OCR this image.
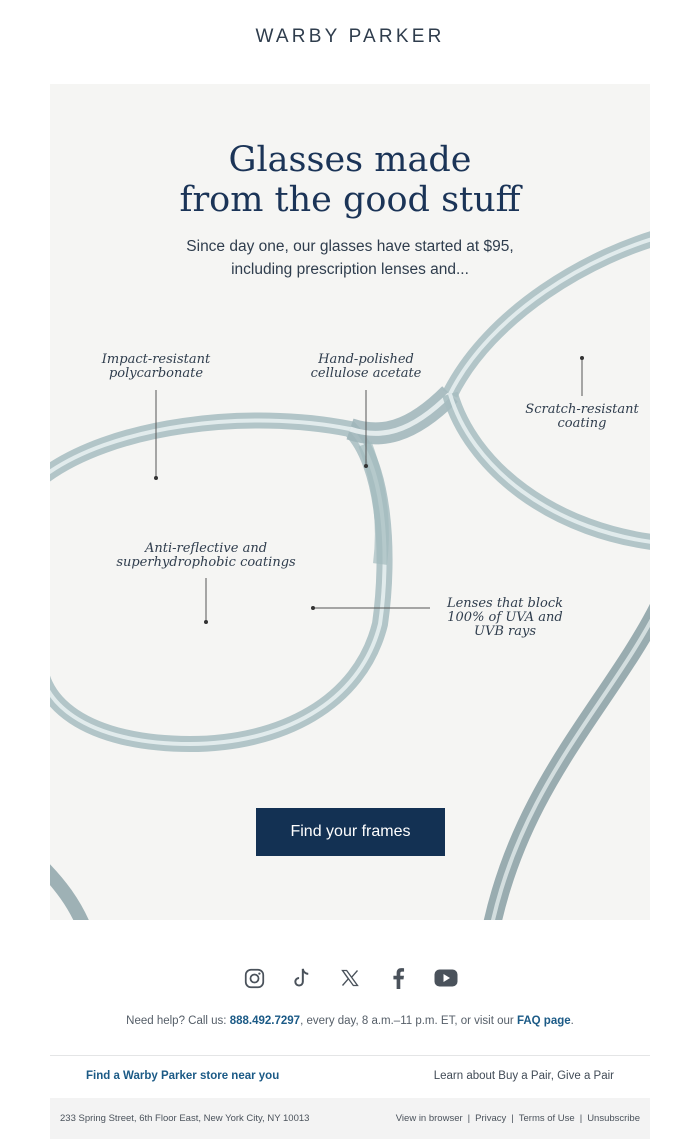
WARBY PARKER
Glasses made
from the good stuff

Since day one, our glasses have started at $95,
including prescription lenses and...

Impact-resistant
polycarbonate
Hand-polished
cellulose acetate
Scratch-resistant
coating
Anti-reflective and
superhydrophobic coatings
Lenses that block
100% of UVA and
UVB rays
Find your frames

Need help? Call us: 888.492.7297, every day, 8 a.m.–11 p.m. ET, or visit our FAQ page.

Find a Warby Parker store near you	Learn about Buy a Pair, Give a Pair
233 Spring Street, 6th Floor East, New York City, NY 10013	View in browser | Privacy | Terms of Use | Unsubscribe
